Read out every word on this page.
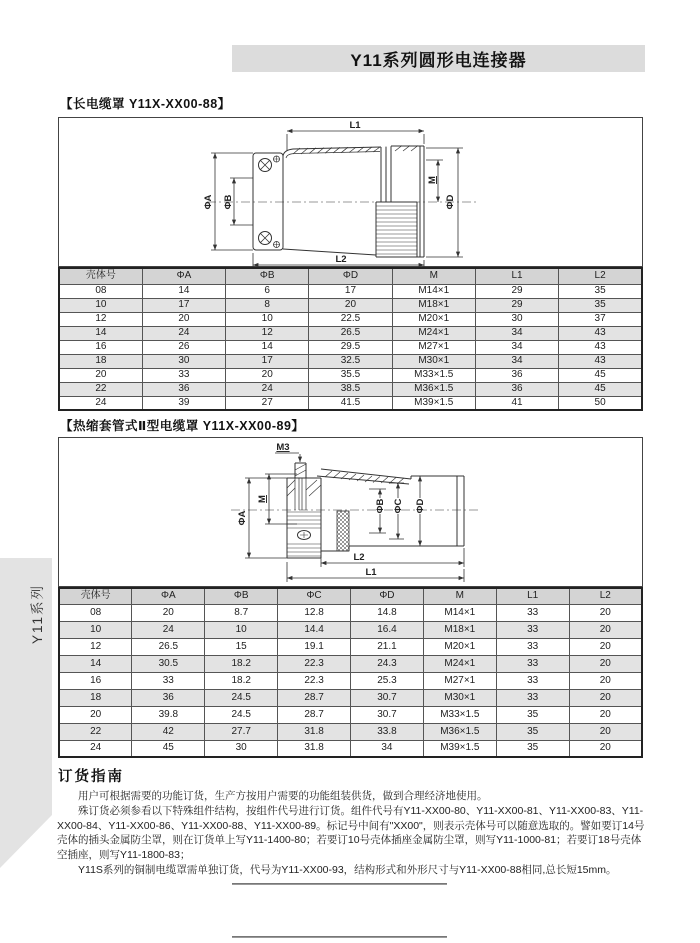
Y11系列圆形电连接器
【长电缆罩 Y11X-XX00-88】
L1
ΦA ΦB
M
ΦD
L2
壳体号	ΦA	ΦB	ΦD	M	L1	L2
08	14	6	17	M14×1	29	35
10	17	8	20	M18×1	29	35
12	20	10	22.5	M20×1	30	37
14	24	12	26.5	M24×1	34	43
16	26	14	29.5	M27×1	34	43
18	30	17	32.5	M30×1	34	43
20	33	20	35.5	M33×1.5	36	45
22	36	24	38.5	M36×1.5	36	45
24	39	27	41.5	M39×1.5	41	50
【热缩套管式Ⅱ型电缆罩 Y11X-XX00-89】
M3
ΦA
M	ΦB ΦC ΦD
L2
L1
壳体号	ΦA	ΦB	ΦC	ΦD	M	L1	L2
08	20	8.7	12.8	14.8	M14×1	33	20
10	24	10	14.4	16.4	M18×1	33	20
12	26.5	15	19.1	21.1	M20×1	33	20
14	30.5	18.2	22.3	24.3	M24×1	33	20
16	33	18.2	22.3	25.3	M27×1	33	20
18	36	24.5	28.7	30.7	M30×1	33	20
20	39.8	24.5	28.7	30.7	M33×1.5	35	20
22	42	27.7	31.8	33.8	M36×1.5	35	20
24	45	30	31.8	34	M39×1.5	35	20
订货指南

用户可根据需要的功能订货，生产方按用户需要的功能组装供货，做到合理经济地使用。

殊订货必须参看以下特殊组件结构，按组件代号进行订货。组件代号有Y11-XX00-80、Y11-XX00-81、Y11-XX00-83、Y11-XX00-84、Y11-XX00-86、Y11-XX00-88、Y11-XX00-89。标记号中间有"XX00"，则表示壳体号可以随意选取的。譬如要订14号壳体的插头金属防尘罩，则在订货单上写Y11-1400-80；若要订10号壳体插座金属防尘罩，则写Y11-1000-81；若要订18号壳体空插座，则写Y11-1800-83；

Y11S系列的铜制电缆罩需单独订货，代号为Y11-XX00-93，结构形式和外形尺寸与Y11-XX00-88相同,总长短15mm。

Y11系列
